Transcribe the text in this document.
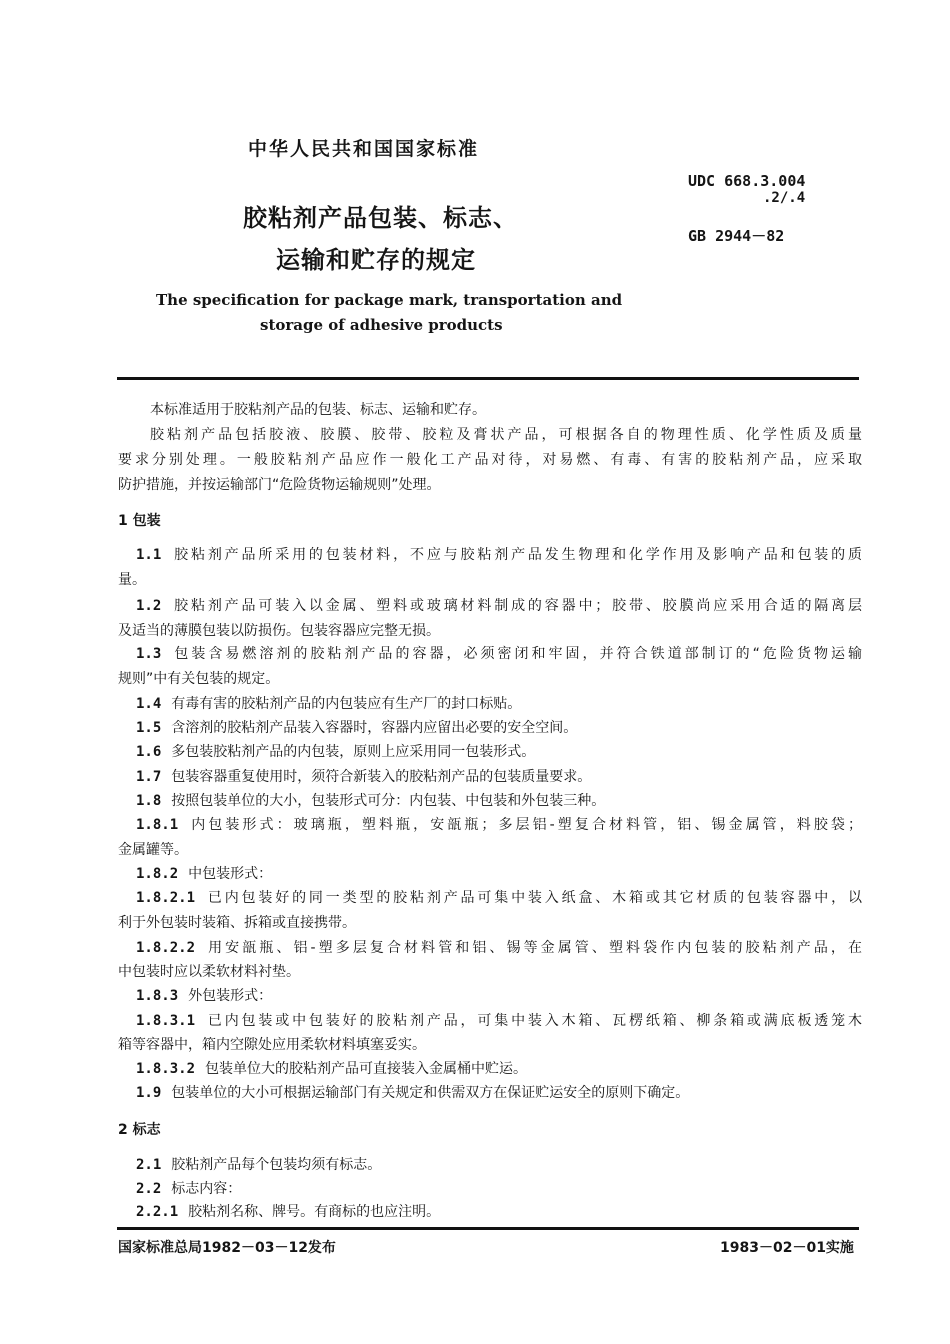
中华人民共和国国家标准
胶粘剂产品包装、标志、
运输和贮存的规定
UDC 668.3.004
.2/.4
GB 2944－82
The specification for package mark, transportation and
storage of adhesive products
本标准适用于胶粘剂产品的包装、标志、运输和贮存。
胶粘剂产品包括胶液、胶膜、胶带、胶粒及膏状产品，可根据各自的物理性质、化学性质及质量
要求分别处理。一般胶粘剂产品应作一般化工产品对待，对易燃、有毒、有害的胶粘剂产品，应采取
防护措施，并按运输部门“危险货物运输规则”处理。
1 包装
1.1 胶粘剂产品所采用的包装材料，不应与胶粘剂产品发生物理和化学作用及影响产品和包装的质
量。
1.2 胶粘剂产品可装入以金属、塑料或玻璃材料制成的容器中；胶带、胶膜尚应采用合适的隔离层
及适当的薄膜包装以防损伤。包装容器应完整无损。
1.3 包装含易燃溶剂的胶粘剂产品的容器，必须密闭和牢固，并符合铁道部制订的“危险货物运输
规则”中有关包装的规定。
1.4 有毒有害的胶粘剂产品的内包装应有生产厂的封口标贴。
1.5 含溶剂的胶粘剂产品装入容器时，容器内应留出必要的安全空间。
1.6 多包装胶粘剂产品的内包装，原则上应采用同一包装形式。
1.7 包装容器重复使用时，须符合新装入的胶粘剂产品的包装质量要求。
1.8 按照包装单位的大小，包装形式可分：内包装、中包装和外包装三种。
1.8.1 内包装形式：玻璃瓶，塑料瓶，安瓿瓶；多层铝-塑复合材料管，铝、锡金属管，料胶袋；
金属罐等。
1.8.2 中包装形式：
1.8.2.1 已内包装好的同一类型的胶粘剂产品可集中装入纸盒、木箱或其它材质的包装容器中，以
利于外包装时装箱、拆箱或直接携带。
1.8.2.2 用安瓿瓶、铝-塑多层复合材料管和铝、锡等金属管、塑料袋作内包装的胶粘剂产品，在
中包装时应以柔软材料衬垫。
1.8.3 外包装形式：
1.8.3.1 已内包装或中包装好的胶粘剂产品，可集中装入木箱、瓦楞纸箱、柳条箱或满底板透笼木
箱等容器中，箱内空隙处应用柔软材料填塞妥实。
1.8.3.2 包装单位大的胶粘剂产品可直接装入金属桶中贮运。
1.9 包装单位的大小可根据运输部门有关规定和供需双方在保证贮运安全的原则下确定。
2 标志
2.1 胶粘剂产品每个包装均须有标志。
2.2 标志内容：
2.2.1 胶粘剂名称、牌号。有商标的也应注明。
国家标准总局1982－03－12发布	1983－02－01实施
